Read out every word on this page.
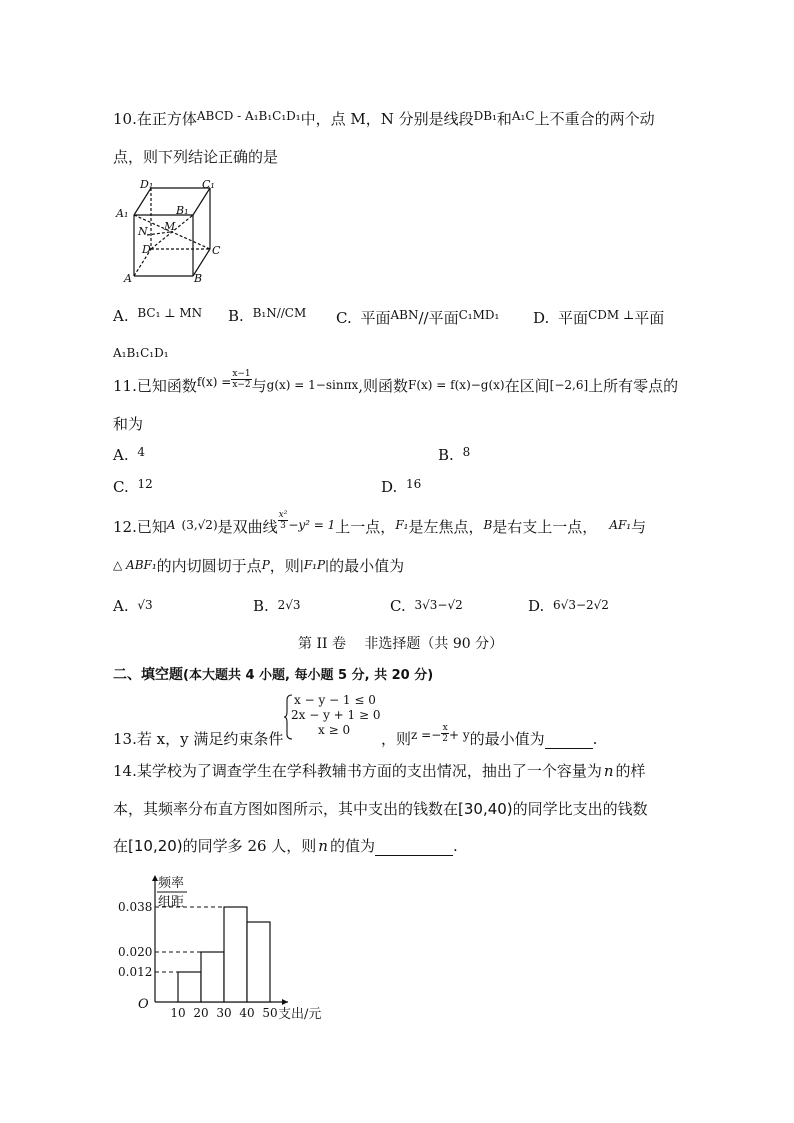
10.在正方体$^{ABCD - A_1B_1C_1D_1}$中，点 M，N 分别是线段$^{DB_1}$和$^{A_1C}$上不重合的两个动
点，则下列结论正确的是
D₁	C₁
A₁	B₁
N M
D	C
A	B
A. $^{BC_1 \perp MN}$ B. $^{B_1N//CM}$ C. 平面$^{ABN}$//平面$^{C_1MD_1}$ D. 平面$^{CDM \perp}$平面
A₁B₁C₁D₁
11.已知函数$^{f(x) =} \frac{x-1}{x-2}$ 与g(x) = 1−sinπx,则函数F(x) = f(x)−g(x)在区间[−2,6]上所有零点的
和为
A. $^4$	B. $^8$
C. $^{12}$	D. $^{16}$
12.已知$^A$ $^{(3,√2)}$是双曲线 $\frac{\text{x²}}{3} ^{-y^2 = 1}$上一点，$^{F_1}$是左焦点，$^B$是右支上一点， $^{AF_1}$与
△ ABF₁的内切圆切于点P，则|F₁P|的最小值为
A. √3	B. 2√3	C. 3√3−√2	D. 6√3−2√2
第 II 卷　 非选择题（共 90 分）
二、填空题(本大题共 4 小题, 每小题 5 分, 共 20 分)
13.若 x，y 满足约束条件
x − y − 1 ≤ 0
2x − y + 1 ≥ 0
x ≥ 0 ，则$^{z =-} \frac{x}{2} ^{+ y}$的最小值为	.
14.某学校为了调查学生在学科教辅书方面的支出情况，抽出了一个容量为 n 的样
本，其频率分布直方图如图所示，其中支出的钱数在[30,40)的同学比支出的钱数
在[10,20)的同学多 26 人，则 n 的值为	.
O
频率
组距
0.038
0.020
0.012
10 20 30 40 50 支出/元
